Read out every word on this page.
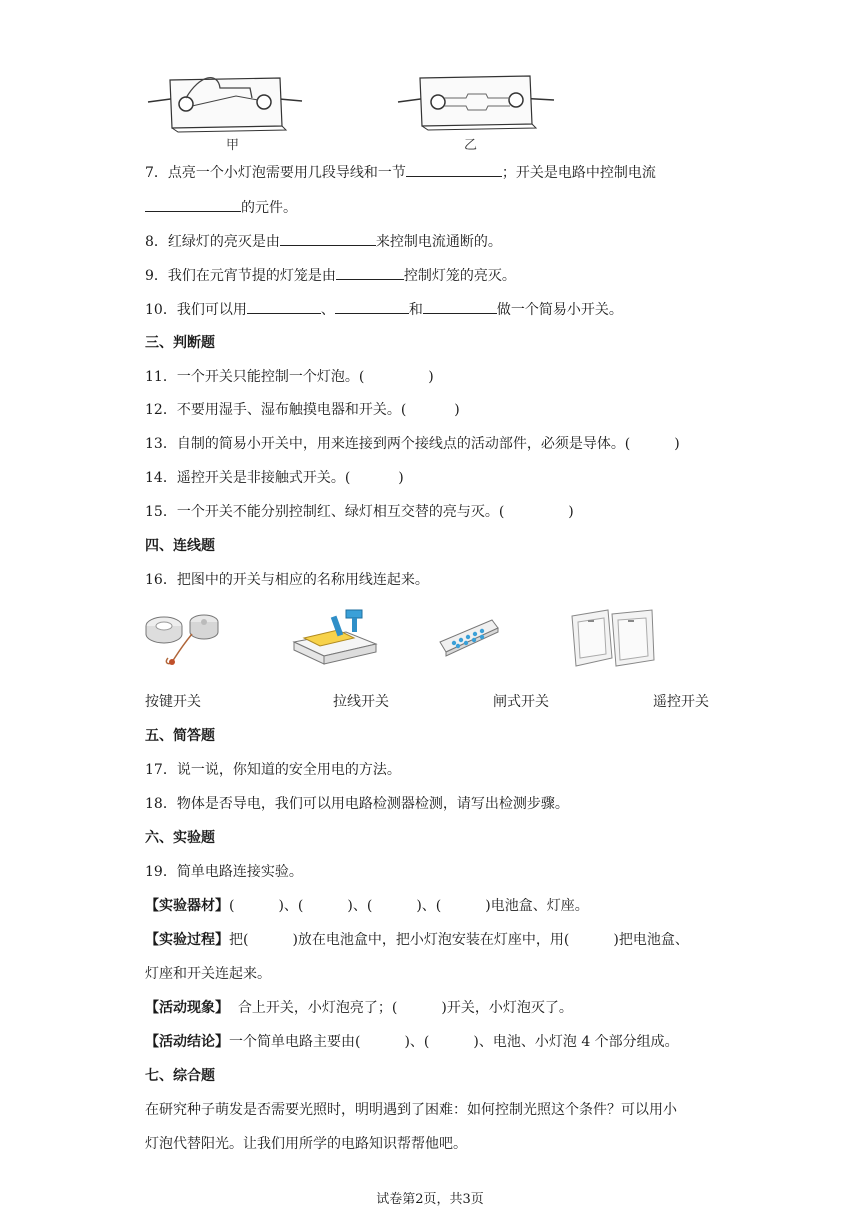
甲	乙
7．点亮一个小灯泡需要用几段导线和一节	；开关是电路中控制电流
的元件。
8．红绿灯的亮灭是由	来控制电流通断的。
9．我们在元宵节提的灯笼是由	控制灯笼的亮灭。
10．我们可以用	、	和	做一个简易小开关。
三、判断题
11．一个开关只能控制一个灯泡。(	)
12．不要用湿手、湿布触摸电器和开关。(	)
13．自制的简易小开关中，用来连接到两个接线点的活动部件，必须是导体。(	)
14．遥控开关是非接触式开关。(	)
15．一个开关不能分别控制红、绿灯相互交替的亮与灭。(	)
四、连线题
16．把图中的开关与相应的名称用线连起来。
按键开关	拉线开关	闸式开关	遥控开关
五、简答题
17．说一说，你知道的安全用电的方法。
18．物体是否导电，我们可以用电路检测器检测，请写出检测步骤。
六、实验题
19．简单电路连接实验。
【实验器材】(	)、(	)、(	)、(	)电池盒、灯座。
【实验过程】把(	)放在电池盒中，把小灯泡安装在灯座中，用(	)把电池盒、
灯座和开关连起来。
【活动现象】 合上开关，小灯泡亮了；(	)开关，小灯泡灭了。
【活动结论】一个简单电路主要由(	)、(	)、电池、小灯泡 4 个部分组成。
七、综合题
在研究种子萌发是否需要光照时，明明遇到了困难：如何控制光照这个条件？可以用小
灯泡代替阳光。让我们用所学的电路知识帮帮他吧。
试卷第2页，共3页
